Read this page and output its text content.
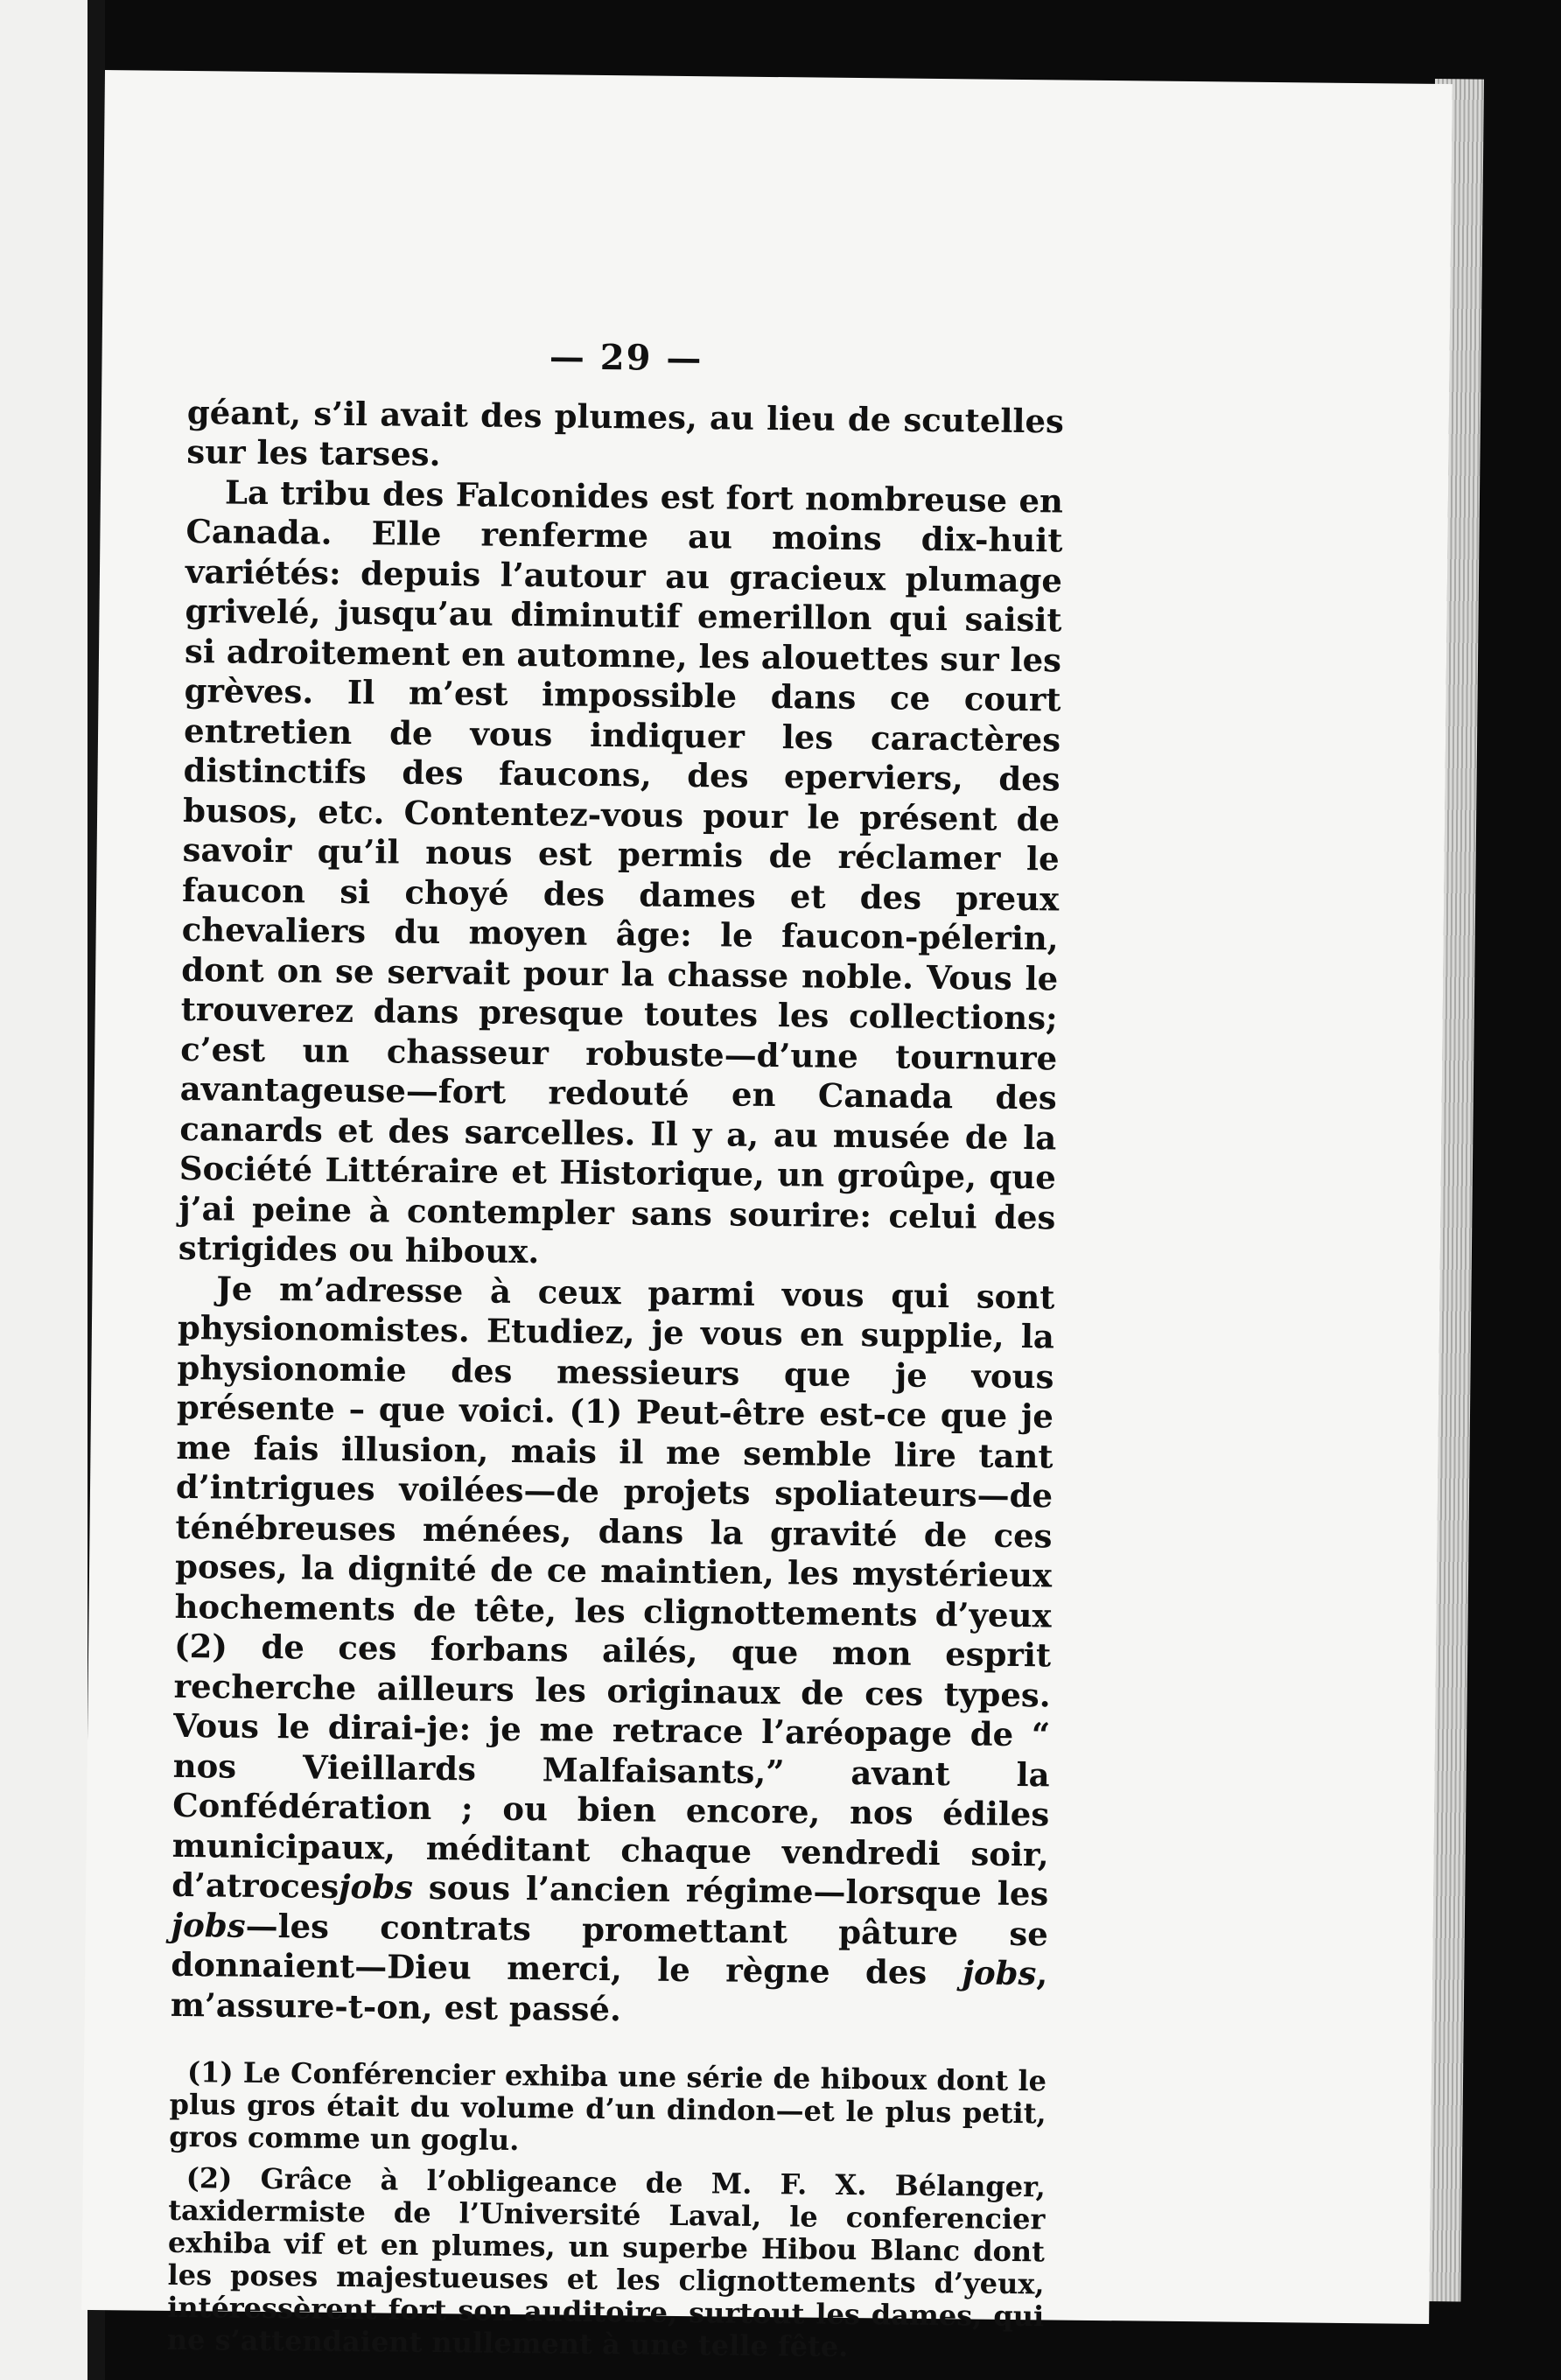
— 29 —

géant, s’il avait des plumes, au lieu de scutelles sur les tarses.

La tribu des Falconides est fort nombreuse en Canada. Elle renferme au moins dix-huit variétés: depuis l’autour au gracieux plumage grivelé, jusqu’au diminutif emerillon qui saisit si adroitement en automne, les alouettes sur les grèves. Il m’est impossible dans ce court entretien de vous indiquer les caractères distinctifs des faucons, des eperviers, des busos, etc. Contentez-vous pour le présent de savoir qu’il nous est permis de réclamer le faucon si choyé des dames et des preux chevaliers du moyen âge: le faucon-pélerin, dont on se servait pour la chasse noble. Vous le trouverez dans presque toutes les collections; c’est un chasseur robuste—d’une tournure avantageuse—fort redouté en Canada des canards et des sarcelles. Il y a, au musée de la Société Littéraire et Historique, un groûpe, que j’ai peine à contempler sans sourire: celui des strigides ou hiboux.

Je m’adresse à ceux parmi vous qui sont physionomistes. Etudiez, je vous en supplie, la physionomie des messieurs que je vous présente – que voici. (1) Peut-être est-ce que je me fais illusion, mais il me semble lire tant d’intrigues voilées—de projets spoliateurs—de ténébreuses ménées, dans la gravité de ces poses, la dignité de ce maintien, les mystérieux hochements de tête, les clignottements d’yeux (2) de ces forbans ailés, que mon esprit recherche ailleurs les originaux de ces types. Vous le dirai-je: je me retrace l’aréopage de “ nos Vieillards Malfaisants,” avant la Confédération ; ou bien encore, nos édiles municipaux, méditant chaque vendredi soir, d’atrocesjobs sous l’ancien régime—lorsque les jobs—les contrats promettant pâture se donnaient—Dieu merci, le règne des jobs, m’assure-t-on, est passé.

(1) Le Conférencier exhiba une série de hiboux dont le plus gros était du volume d’un dindon—et le plus petit, gros comme un goglu.

(2) Grâce à l’obligeance de M. F. X. Bélanger, taxidermiste de l’Université Laval, le conferencier exhiba vif et en plumes, un superbe Hibou Blanc dont les poses majestueuses et les clignottements d’yeux, intéressèrent fort son auditoire, surtout les dames, qui ne s’attendaient nullement à une telle fête.
